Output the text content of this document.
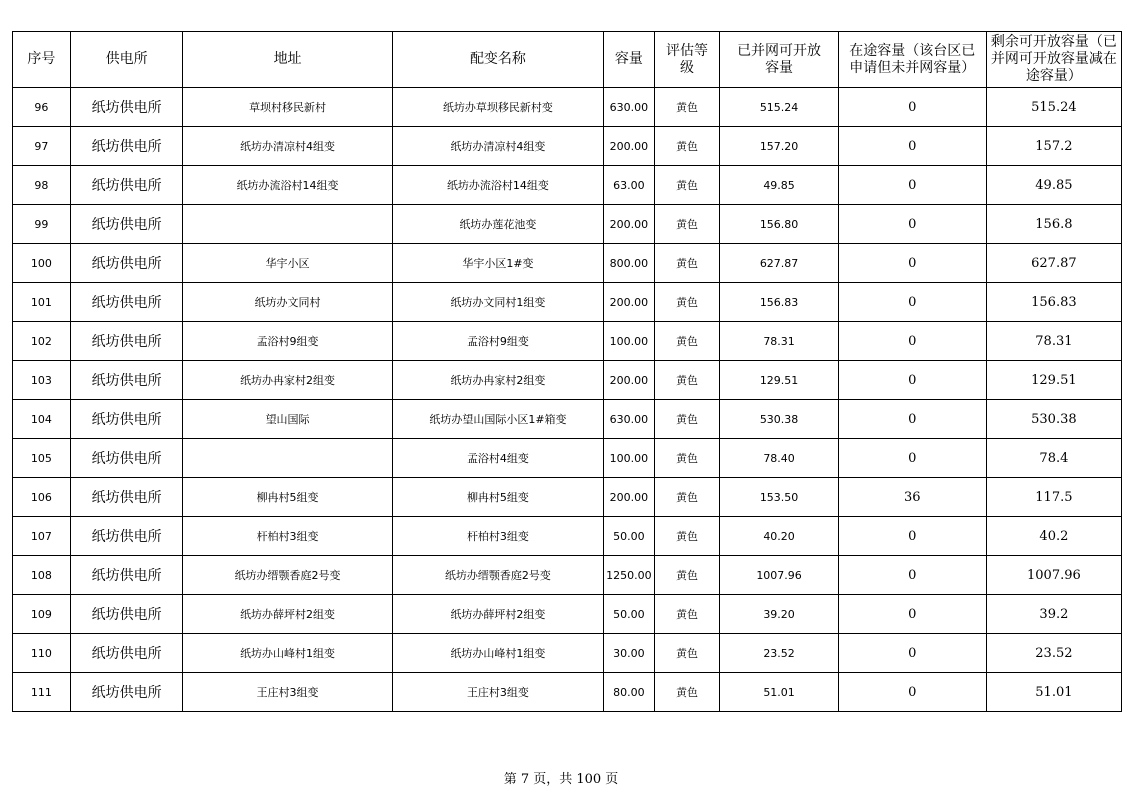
序号	供电所	地址	配变名称	容量	评估等级	已并网可开放容量	在途容量（该台区已申请但未并网容量）	剩余可开放容量（已并网可开放容量减在途容量）
96	纸坊供电所	草坝村移民新村	纸坊办草坝移民新村变	630.00	黄色	515.24	0	515.24
97	纸坊供电所	纸坊办清凉村4组变	纸坊办清凉村4组变	200.00	黄色	157.20	0	157.2
98	纸坊供电所	纸坊办流浴村14组变	纸坊办流浴村14组变	63.00	黄色	49.85	0	49.85
99	纸坊供电所		纸坊办莲花池变	200.00	黄色	156.80	0	156.8
100	纸坊供电所	华宇小区	华宇小区1#变	800.00	黄色	627.87	0	627.87
101	纸坊供电所	纸坊办文同村	纸坊办文同村1组变	200.00	黄色	156.83	0	156.83
102	纸坊供电所	孟浴村9组变	孟浴村9组变	100.00	黄色	78.31	0	78.31
103	纸坊供电所	纸坊办冉家村2组变	纸坊办冉家村2组变	200.00	黄色	129.51	0	129.51
104	纸坊供电所	望山国际	纸坊办望山国际小区1#箱变	630.00	黄色	530.38	0	530.38
105	纸坊供电所		孟浴村4组变	100.00	黄色	78.40	0	78.4
106	纸坊供电所	柳冉村5组变	柳冉村5组变	200.00	黄色	153.50	36	117.5
107	纸坊供电所	杆柏村3组变	杆柏村3组变	50.00	黄色	40.20	0	40.2
108	纸坊供电所	纸坊办缙颚香庭2号变	纸坊办缙颚香庭2号变	1250.00	黄色	1007.96	0	1007.96
109	纸坊供电所	纸坊办薛坪村2组变	纸坊办薛坪村2组变	50.00	黄色	39.20	0	39.2
110	纸坊供电所	纸坊办山峰村1组变	纸坊办山峰村1组变	30.00	黄色	23.52	0	23.52
111	纸坊供电所	王庄村3组变	王庄村3组变	80.00	黄色	51.01	0	51.01
第 7 页，共 100 页
